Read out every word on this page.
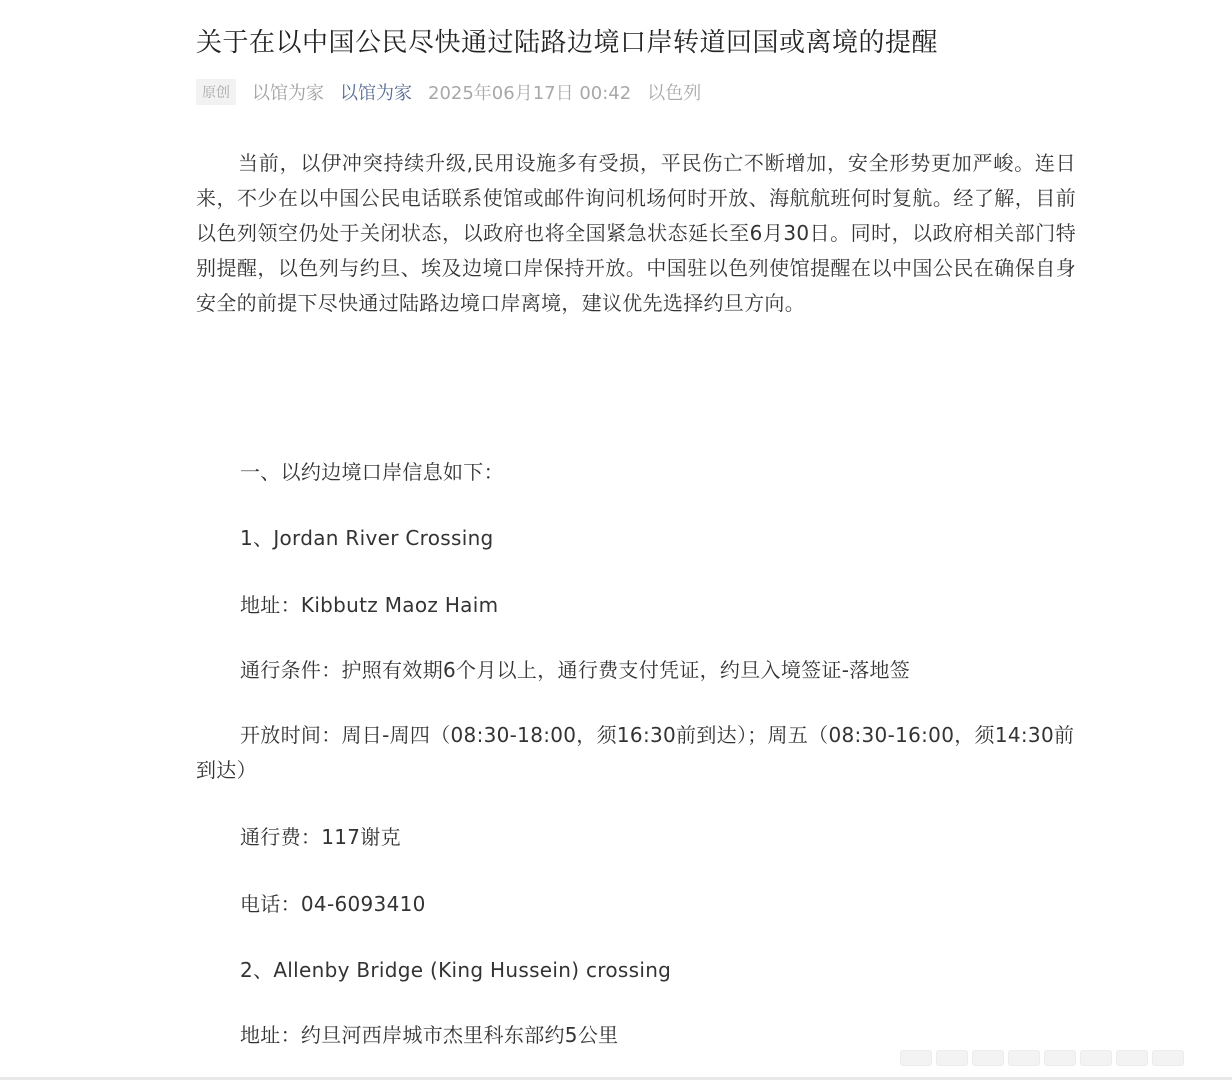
关于在以中国公民尽快通过陆路边境口岸转道回国或离境的提醒
原创	以馆为家 以馆为家 2025年06月17日 00:42 以色列

当前，以伊冲突持续升级,民用设施多有受损，平民伤亡不断增加，安全形势更加严峻。连日来，不少在以中国公民电话联系使馆或邮件询问机场何时开放、海航航班何时复航。经了解，目前以色列领空仍处于关闭状态，以政府也将全国紧急状态延长至6月30日。同时，以政府相关部门特别提醒，以色列与约旦、埃及边境口岸保持开放。中国驻以色列使馆提醒在以中国公民在确保自身安全的前提下尽快通过陆路边境口岸离境，建议优先选择约旦方向。

一、以约边境口岸信息如下：

1、Jordan River Crossing

地址：Kibbutz Maoz Haim

通行条件：护照有效期6个月以上，通行费支付凭证，约旦入境签证-落地签

开放时间：周日-周四（08:30-18:00，须16:30前到达）；周五（08:30-16:00，须14:30前到达）

通行费：117谢克

电话：04-6093410

2、Allenby Bridge (King Hussein) crossing

地址：约旦河西岸城市杰里科东部约5公里
